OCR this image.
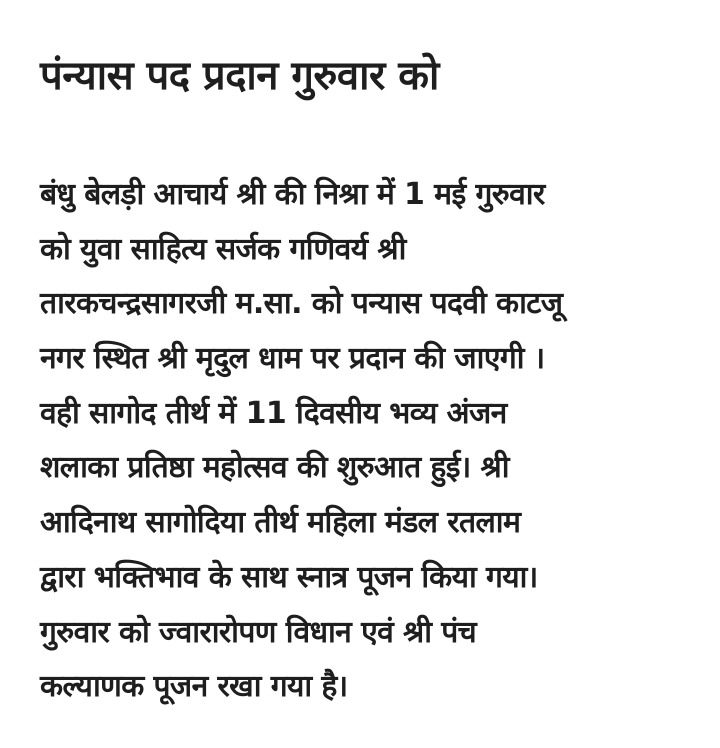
पंन्यास पद प्रदान गुरुवार को
बंधु बेलड़ी आचार्य श्री की निश्रा में 1 मई गुरुवार
को युवा साहित्य सर्जक गणिवर्य श्री
तारकचन्द्रसागरजी म.सा. को पन्यास पदवी काटजू
नगर स्थित श्री मृदुल धाम पर प्रदान की जाएगी ।
वही सागोद तीर्थ में 11 दिवसीय भव्य अंजन
शलाका प्रतिष्ठा महोत्सव की शुरुआत हुई। श्री
आदिनाथ सागोदिया तीर्थ महिला मंडल रतलाम
द्वारा भक्तिभाव के साथ स्नात्र पूजन किया गया।
गुरुवार को ज्वारारोपण विधान एवं श्री पंच
कल्याणक पूजन रखा गया है।
